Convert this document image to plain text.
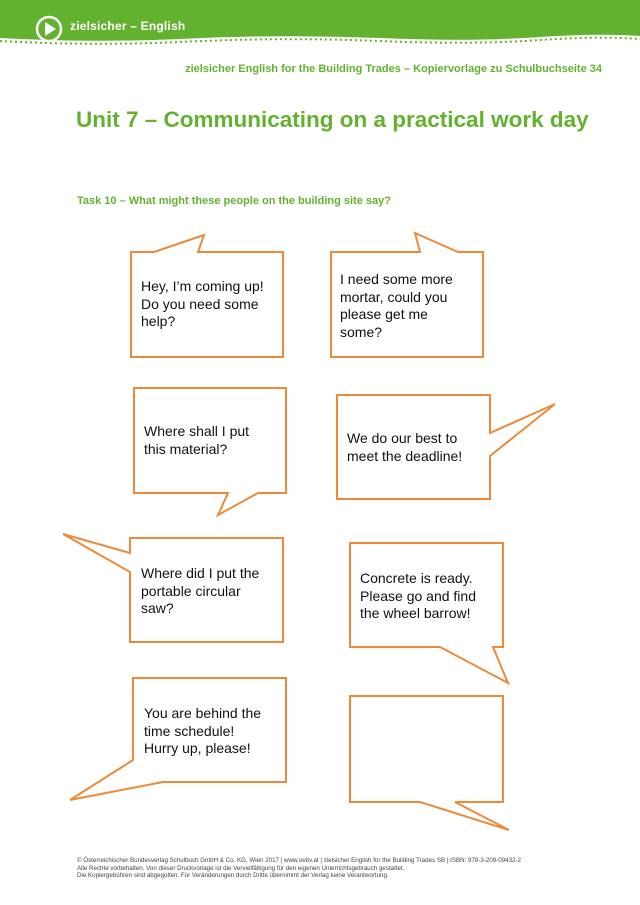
zielsicher – English
zielsicher English for the Building Trades – Kopiervorlage zu Schulbuchseite 34
Unit 7 – Communicating on a practical work day
Task 10 – What might these people on the building site say?
Hey, I’m coming up!
Do you need some
help?
I need some more
mortar, could you
please get me
some?
Where shall I put
this material?
We do our best to
meet the deadline!
Where did I put the
portable circular
saw?
Concrete is ready.
Please go and find
the wheel barrow!
You are behind the
time schedule!
Hurry up, please!
© Österreichischer Bundesverlag Schulbuch GmbH & Co. KG, Wien 2017 | www.oebv.at | zielsicher English for the Building Trades SB | ISBN: 978-3-209-09432-2
Alle Rechte vorbehalten. Von dieser Druckvorlage ist die Vervielfältigung für den eigenen Unterrichtsgebrauch gestattet.
Die Kopiergebühren sind abgegolten. Für Veränderungen durch Dritte übernimmt der Verlag keine Verantwortung.
